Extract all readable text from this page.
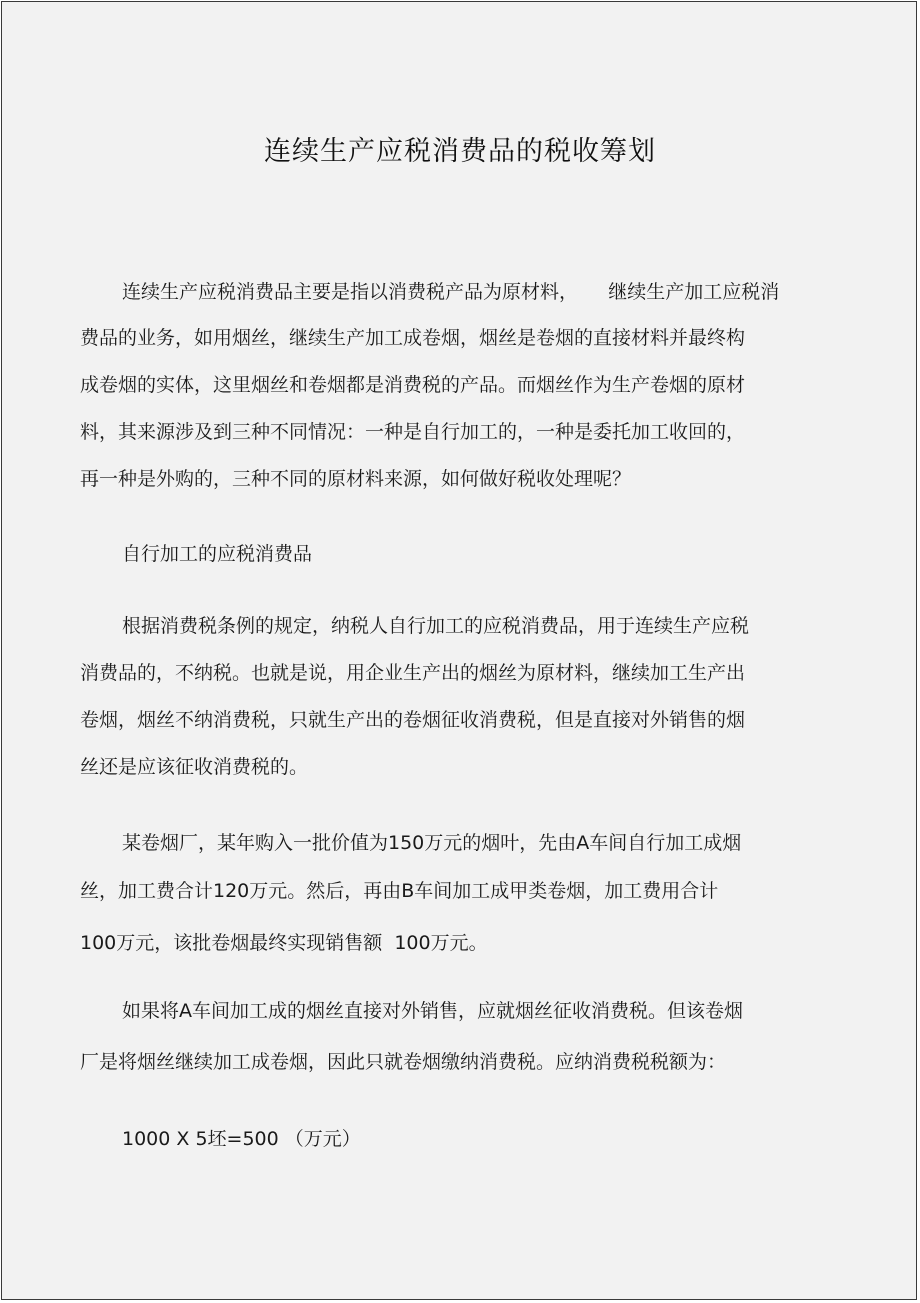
连续生产应税消费品的税收筹划
连续生产应税消费品主要是指以消费税产品为原材料，     继续生产加工应税消
费品的业务，如用烟丝，继续生产加工成卷烟，烟丝是卷烟的直接材料并最终构
成卷烟的实体，这里烟丝和卷烟都是消费税的产品。而烟丝作为生产卷烟的原材
料，其来源涉及到三种不同情况：一种是自行加工的，一种是委托加工收回的，
再一种是外购的，三种不同的原材料来源，如何做好税收处理呢？
自行加工的应税消费品
根据消费税条例的规定，纳税人自行加工的应税消费品，用于连续生产应税
消费品的，不纳税。也就是说，用企业生产出的烟丝为原材料，继续加工生产出
卷烟，烟丝不纳消费税，只就生产出的卷烟征收消费税，但是直接对外销售的烟
丝还是应该征收消费税的。
某卷烟厂，某年购入一批价值为150万元的烟叶，先由A车间自行加工成烟
丝，加工费合计120万元。然后，再由B车间加工成甲类卷烟，加工费用合计
100万元，该批卷烟最终实现销售额  100万元。
如果将A车间加工成的烟丝直接对外销售，应就烟丝征收消费税。但该卷烟
厂是将烟丝继续加工成卷烟，因此只就卷烟缴纳消费税。应纳消费税税额为：
1000 X 5坯=500 （万元）
